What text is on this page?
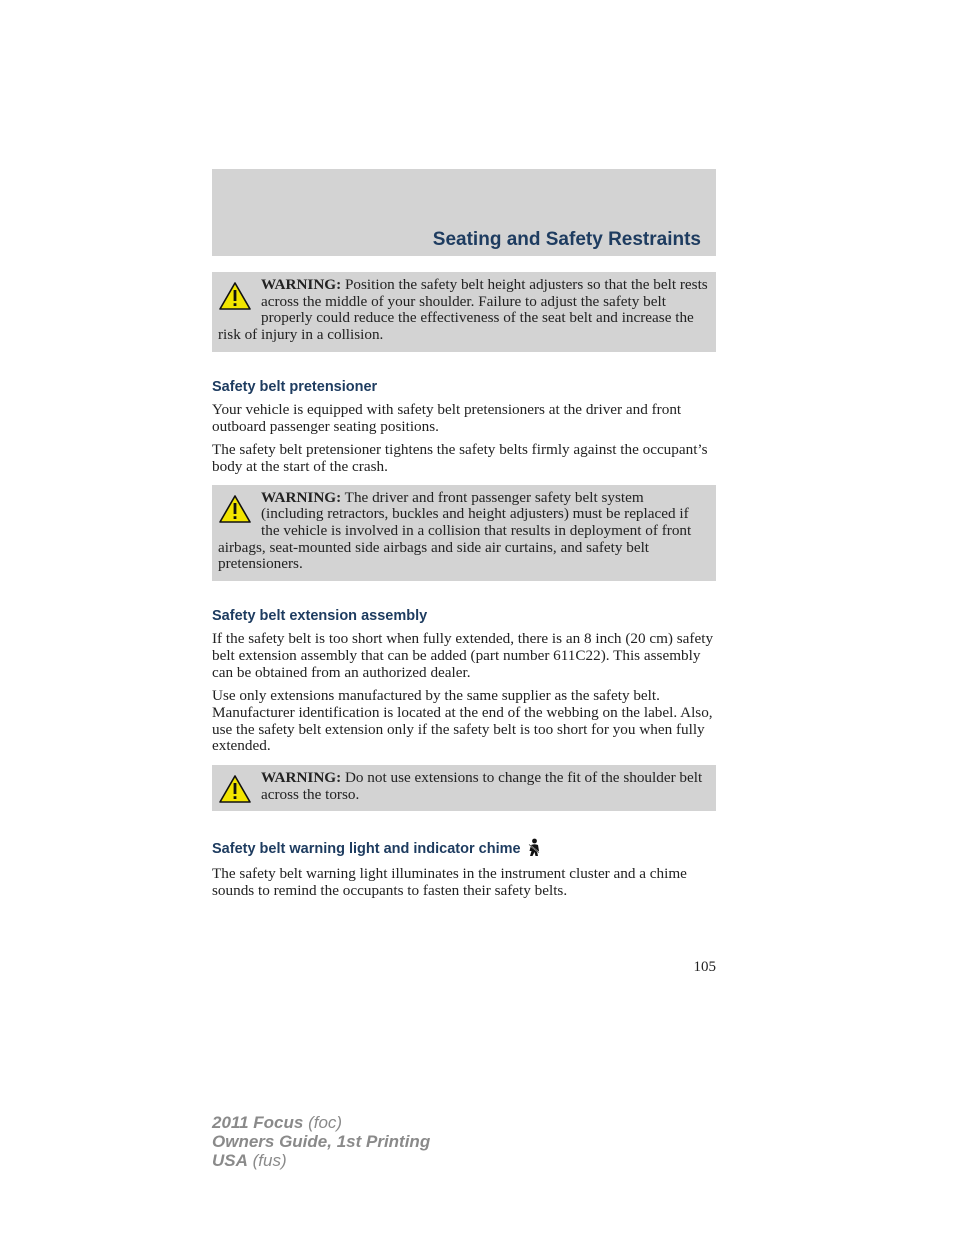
Seating and Safety Restraints
WARNING: Position the safety belt height adjusters so that the belt rests across the middle of your shoulder. Failure to adjust the safety belt properly could reduce the effectiveness of the seat belt and increase the risk of injury in a collision.
Safety belt pretensioner

Your vehicle is equipped with safety belt pretensioners at the driver and front outboard passenger seating positions.

The safety belt pretensioner tightens the safety belts firmly against the occupant’s body at the start of the crash.

WARNING: The driver and front passenger safety belt system (including retractors, buckles and height adjusters) must be replaced if the vehicle is involved in a collision that results in deployment of front airbags, seat-mounted side airbags and side air curtains, and safety belt pretensioners.
Safety belt extension assembly

If the safety belt is too short when fully extended, there is an 8 inch (20 cm) safety belt extension assembly that can be added (part number 611C22). This assembly can be obtained from an authorized dealer.

Use only extensions manufactured by the same supplier as the safety belt. Manufacturer identification is located at the end of the webbing on the label. Also, use the safety belt extension only if the safety belt is too short for you when fully extended.

WARNING: Do not use extensions to change the fit of the shoulder belt across the torso.
Safety belt warning light and indicator chime

The safety belt warning light illuminates in the instrument cluster and a chime sounds to remind the occupants to fasten their safety belts.

105
2011 Focus (foc)
Owners Guide, 1st Printing
USA (fus)
